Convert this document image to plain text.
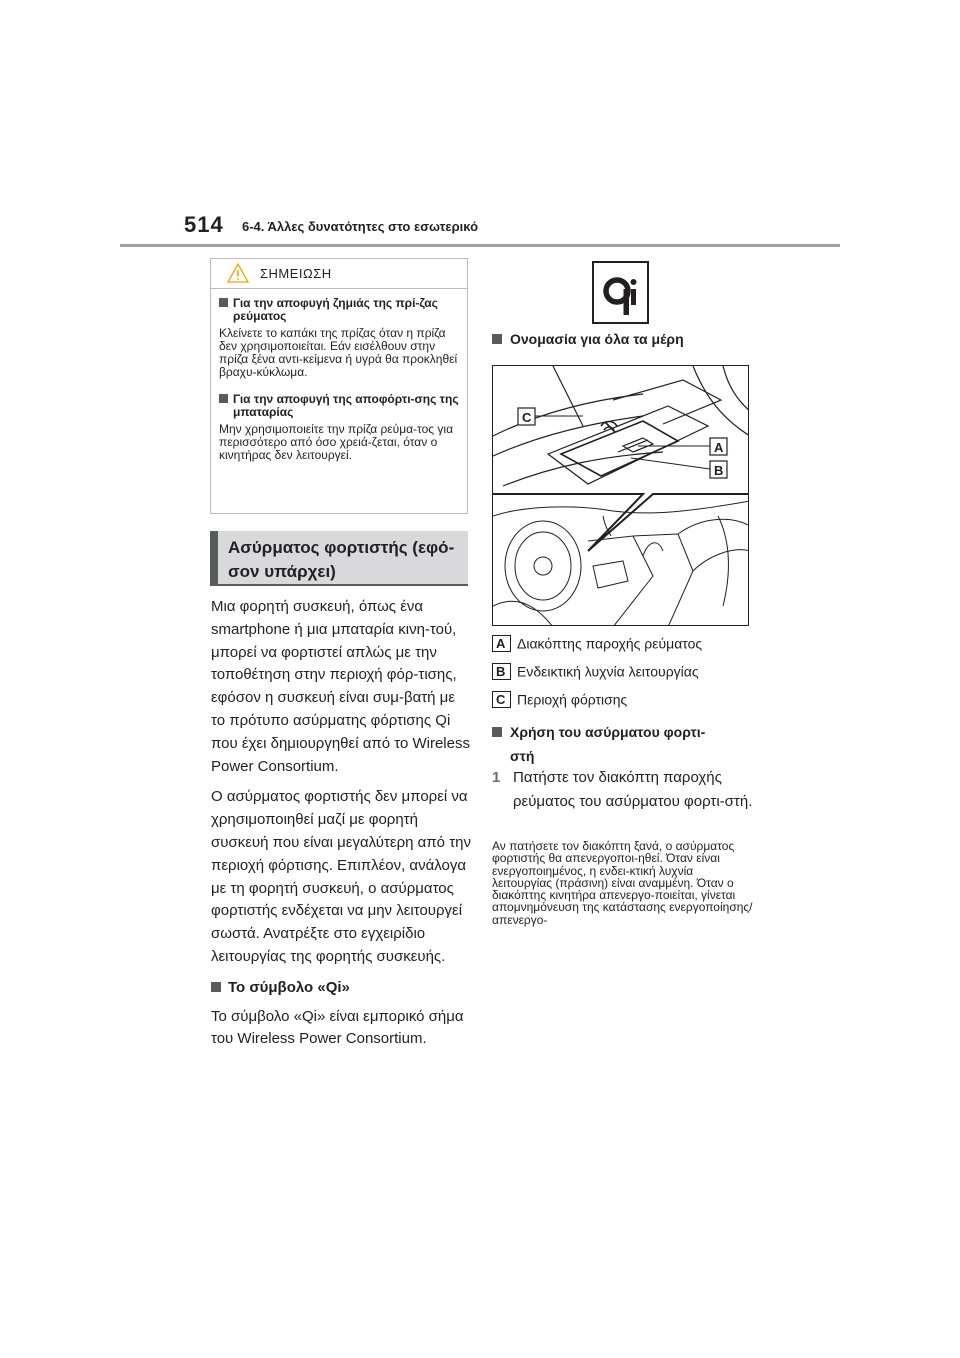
514 6-4. Άλλες δυνατότητες στο εσωτερικό
ΣΗΜΕΙΩΣΗ
Για την αποφυγή ζημιάς της πρί-ζας ρεύματος
Κλείνετε το καπάκι της πρίζας όταν η πρίζα δεν χρησιμοποιείται. Εάν εισέλθουν στην πρίζα ξένα αντι-κείμενα ή υγρά θα προκληθεί βραχυ-κύκλωμα.
Για την αποφυγή της αποφόρτι-σης της μπαταρίας
Μην χρησιμοποιείτε την πρίζα ρεύμα-τος για περισσότερο από όσο χρειά-ζεται, όταν ο κινητήρας δεν λειτουργεί.
Ασύρματος φορτιστής (εφό-
σον υπάρχει)

Μια φορητή συσκευή, όπως ένα smartphone ή μια μπαταρία κινη-τού, μπορεί να φορτιστεί απλώς με την τοποθέτηση στην περιοχή φόρ-τισης, εφόσον η συσκευή είναι συμ-βατή με το πρότυπο ασύρματης φόρτισης Qi που έχει δημιουργηθεί από το Wireless Power Consortium.

Ο ασύρματος φορτιστής δεν μπορεί να χρησιμοποιηθεί μαζί με φορητή συσκευή που είναι μεγαλύτερη από την περιοχή φόρτισης. Επιπλέον, ανάλογα με τη φορητή συσκευή, ο ασύρματος φορτιστής ενδέχεται να μην λειτουργεί σωστά. Ανατρέξτε στο εγχειρίδιο λειτουργίας της φορητής συσκευής.

Το σύμβολο «Qi»

Το σύμβολο «Qi» είναι εμπορικό σήμα του Wireless Power Consortium.

Ονομασία για όλα τα μέρη
C
A
B
A Διακόπτης παροχής ρεύματος
B Ενδεικτική λυχνία λειτουργίας
C Περιοχή φόρτισης
Χρήση του ασύρματου φορτι-
στή
1 Πατήστε τον διακόπτη παροχής ρεύματος του ασύρματου φορτι-στή.
Αν πατήσετε τον διακόπτη ξανά, ο ασύρματος φορτιστής θα απενεργοποι-ηθεί. Όταν είναι ενεργοποιημένος, η ενδει-κτική λυχνία λειτουργίας (πράσινη) είναι αναμμένη. Όταν ο διακόπτης κινητήρα απενεργο-ποιείται, γίνεται απομνημόνευση της κατάστασης ενεργοποίησης/απενεργο-
